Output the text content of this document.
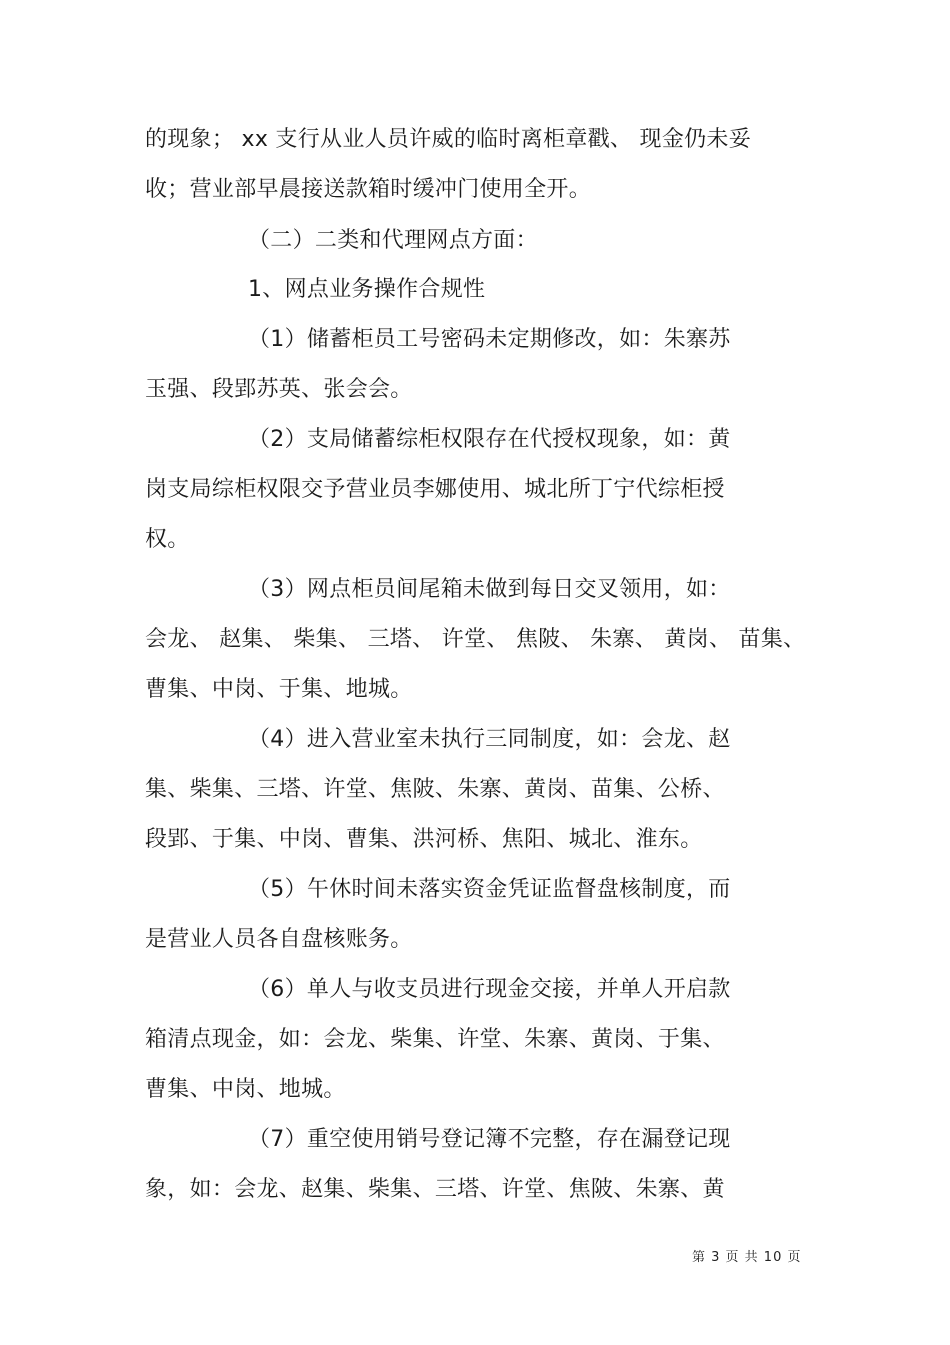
的现象； xx 支行从业人员许威的临时离柜章戳、 现金仍未妥
收；营业部早晨接送款箱时缓冲门使用全开。
（二）二类和代理网点方面：
1、网点业务操作合规性
（1）储蓄柜员工号密码未定期修改，如：朱寨苏
玉强、段郢苏英、张会会。
（2）支局储蓄综柜权限存在代授权现象，如：黄
岗支局综柜权限交予营业员李娜使用、城北所丁宁代综柜授
权。
（3）网点柜员间尾箱未做到每日交叉领用，如：
会龙、 赵集、 柴集、 三塔、 许堂、 焦陂、 朱寨、 黄岗、 苗集、
曹集、中岗、于集、地城。
（4）进入营业室未执行三同制度，如：会龙、赵
集、柴集、三塔、许堂、焦陂、朱寨、黄岗、苗集、公桥、
段郢、于集、中岗、曹集、洪河桥、焦阳、城北、淮东。
（5）午休时间未落实资金凭证监督盘核制度，而
是营业人员各自盘核账务。
（6）单人与收支员进行现金交接，并单人开启款
箱清点现金，如：会龙、柴集、许堂、朱寨、黄岗、于集、
曹集、中岗、地城。
（7）重空使用销号登记簿不完整，存在漏登记现
象，如：会龙、赵集、柴集、三塔、许堂、焦陂、朱寨、黄
第 3 页 共 10 页
